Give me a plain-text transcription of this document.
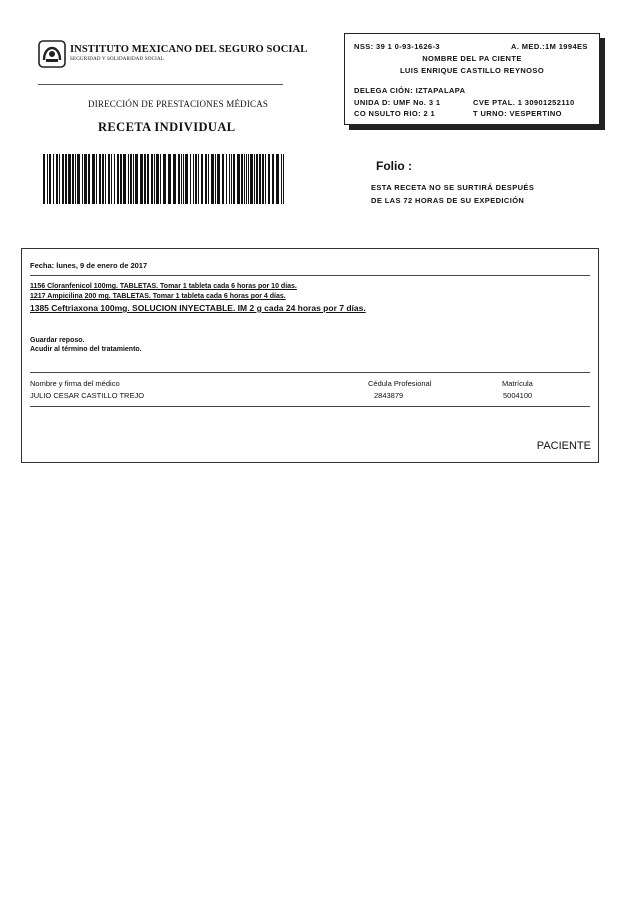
INSTITUTO MEXICANO DEL SEGURO SOCIAL
SEGURIDAD Y SOLIDARIDAD SOCIAL
DIRECCIÓN DE PRESTACIONES MÉDICAS
RECETA INDIVIDUAL
NSS: 39 1 0-93-1626-3	A. MED.:1M 1994ES
NOMBRE DEL PA CIENTE
LUIS ENRIQUE CASTILLO REYNOSO
DELEGA CIÓN: IZTAPALAPA
UNIDA D: UMF No. 3 1	CVE PTAL. 1 30901252110
CO NSULTO RIO: 2 1	T URNO: VESPERTINO
Folio :
ESTA RECETA NO SE SURTIRÁ DESPUÉS
DE LAS 72 HORAS DE SU EXPEDICIÓN
Fecha: lunes, 9 de enero de 2017
1156 Cloranfenicol 100mg. TABLETAS. Tomar 1 tableta cada 6 horas por 10 dias.
1217 Ampicilina 200 mg. TABLETAS. Tomar 1 tableta cada 6 horas por 4 días.
1385 Ceftriaxona 100mg. SOLUCION INYECTABLE. IM 2 g cada 24 horas por 7 días.
Guardar reposo.
Acudir al término del tratamiento.
Nombre y firma del médico	Cédula Profesional	Matrícula
JULIO CESAR CASTILLO TREJO	2843879	5004100
PACIENTE
